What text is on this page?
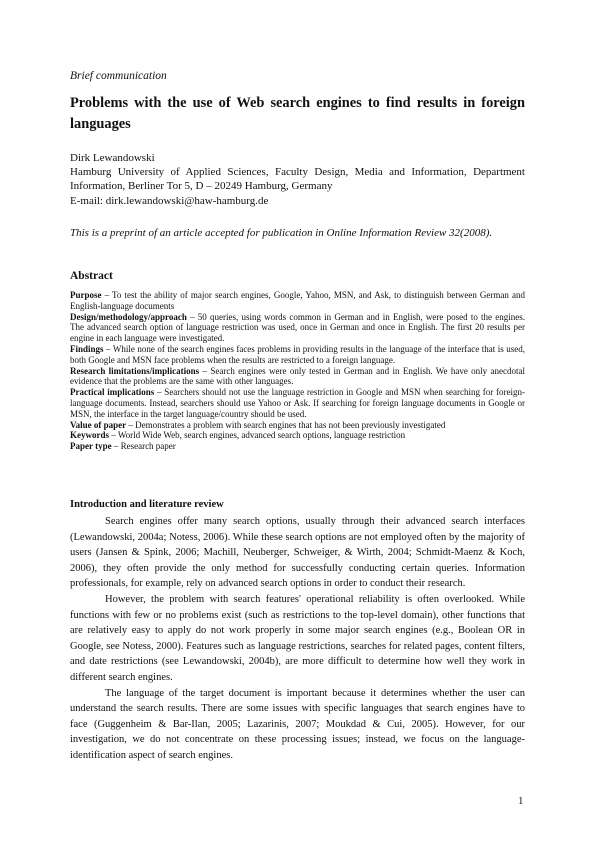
Brief communication
Problems with the use of Web search engines to find results in foreign languages
Dirk Lewandowski
Hamburg University of Applied Sciences, Faculty Design, Media and Information, Department Information, Berliner Tor 5, D – 20249 Hamburg, Germany
E-mail: dirk.lewandowski@haw-hamburg.de
This is a preprint of an article accepted for publication in Online Information Review 32(2008).
Abstract

Purpose – To test the ability of major search engines, Google, Yahoo, MSN, and Ask, to distinguish between German and English-language documents

Design/methodology/approach – 50 queries, using words common in German and in English, were posed to the engines. The advanced search option of language restriction was used, once in German and once in English. The first 20 results per engine in each language were investigated.

Findings – While none of the search engines faces problems in providing results in the language of the interface that is used, both Google and MSN face problems when the results are restricted to a foreign language.

Research limitations/implications – Search engines were only tested in German and in English. We have only anecdotal evidence that the problems are the same with other languages.

Practical implications – Searchers should not use the language restriction in Google and MSN when searching for foreign-language documents. Instead, searchers should use Yahoo or Ask. If searching for foreign language documents in Google or MSN, the interface in the target language/country should be used.

Value of paper – Demonstrates a problem with search engines that has not been previously investigated

Keywords – World Wide Web, search engines, advanced search options, language restriction

Paper type – Research paper

Introduction and literature review

Search engines offer many search options, usually through their advanced search interfaces (Lewandowski, 2004a; Notess, 2006). While these search options are not employed often by the majority of users (Jansen & Spink, 2006; Machill, Neuberger, Schweiger, & Wirth, 2004; Schmidt-Maenz & Koch, 2006), they often provide the only method for successfully conducting certain queries. Information professionals, for example, rely on advanced search options in order to conduct their research.

However, the problem with search features' operational reliability is often overlooked. While functions with few or no problems exist (such as restrictions to the top-level domain), other functions that are relatively easy to apply do not work properly in some major search engines (e.g., Boolean OR in Google, see Notess, 2000). Features such as language restrictions, searches for related pages, content filters, and date restrictions (see Lewandowski, 2004b), are more difficult to determine how well they work in different search engines.

The language of the target document is important because it determines whether the user can understand the search results. There are some issues with specific languages that search engines have to face (Guggenheim & Bar-Ilan, 2005; Lazarinis, 2007; Moukdad & Cui, 2005). However, for our investigation, we do not concentrate on these processing issues; instead, we focus on the language-identification aspect of search engines.

1
